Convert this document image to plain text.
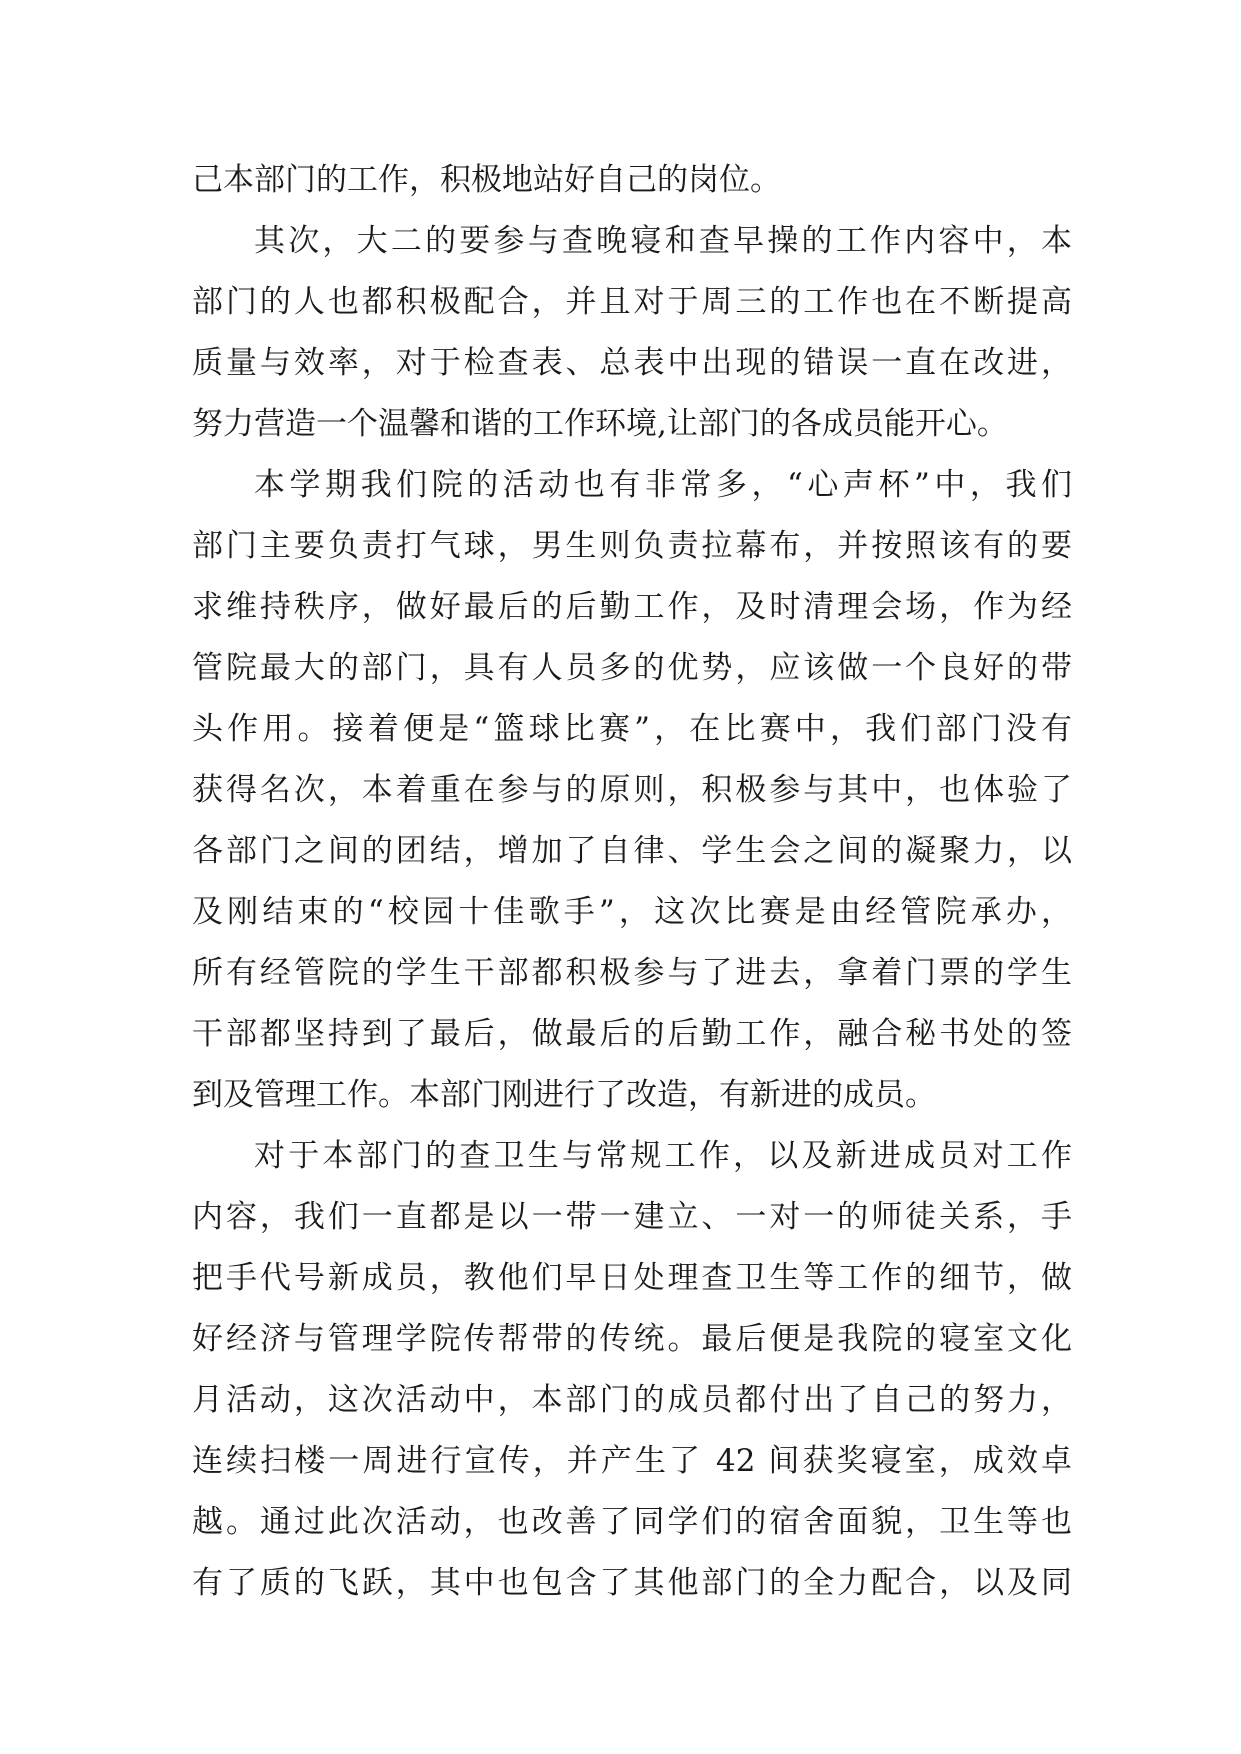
己本部门的工作，积极地站好自己的岗位。
其次，大二的要参与查晚寝和查早操的工作内容中，本
部门的人也都积极配合，并且对于周三的工作也在不断提高
质量与效率，对于检查表、总表中出现的错误一直在改进，
努力营造一个温馨和谐的工作环境,让部门的各成员能开心。
本学期我们院的活动也有非常多，“心声杯”中，我们
部门主要负责打气球，男生则负责拉幕布，并按照该有的要
求维持秩序，做好最后的后勤工作，及时清理会场，作为经
管院最大的部门，具有人员多的优势，应该做一个良好的带
头作用。接着便是“篮球比赛”，在比赛中，我们部门没有
获得名次，本着重在参与的原则，积极参与其中，也体验了
各部门之间的团结，增加了自律、学生会之间的凝聚力，以
及刚结束的“校园十佳歌手”，这次比赛是由经管院承办，
所有经管院的学生干部都积极参与了进去，拿着门票的学生
干部都坚持到了最后，做最后的后勤工作，融合秘书处的签
到及管理工作。本部门刚进行了改造，有新进的成员。
对于本部门的查卫生与常规工作，以及新进成员对工作
内容，我们一直都是以一带一建立、一对一的师徒关系，手
把手代号新成员，教他们早日处理查卫生等工作的细节，做
好经济与管理学院传帮带的传统。最后便是我院的寝室文化
月活动，这次活动中，本部门的成员都付出了自己的努力，
连续扫楼一周进行宣传，并产生了 42 间获奖寝室，成效卓
越。通过此次活动，也改善了同学们的宿舍面貌，卫生等也
有了质的飞跃，其中也包含了其他部门的全力配合，以及同
